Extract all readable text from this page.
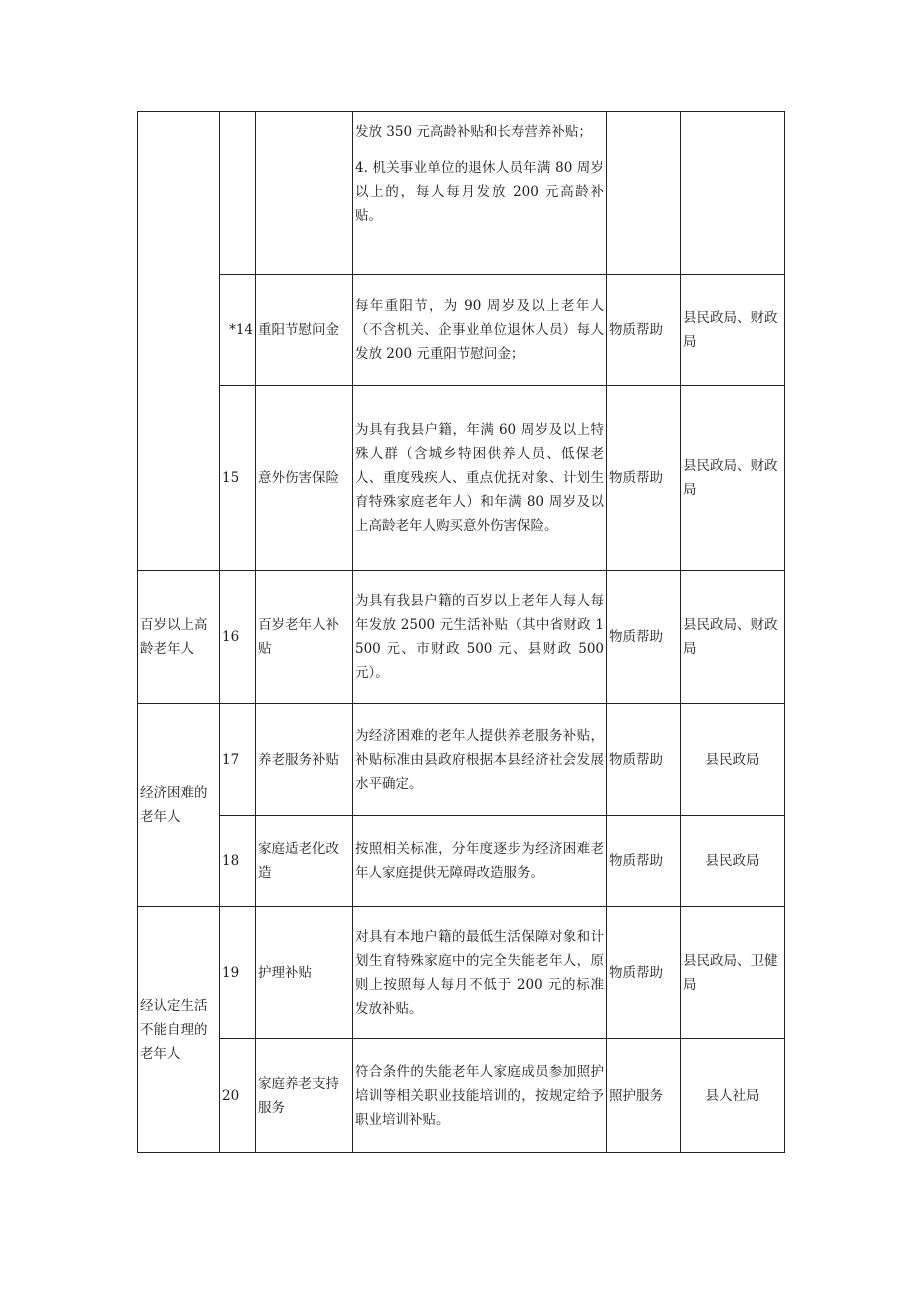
			发放 350 元高龄补贴和长寿营养补贴；

4. 机关事业单位的退休人员年满 80 周岁以上的，每人每月发放 200 元高龄补贴。		

	*14	重阳节慰问金	每年重阳节，为 90 周岁及以上老年人（不含机关、企事业单位退休人员）每人发放 200 元重阳节慰问金；	物质帮助	县民政局、财政局
	15	意外伤害保险	为具有我县户籍，年满 60 周岁及以上特殊人群（含城乡特困供养人员、低保老人、重度残疾人、重点优抚对象、计划生育特殊家庭老年人）和年满 80 周岁及以上高龄老年人购买意外伤害保险。	物质帮助	县民政局、财政局
百岁以上高龄老年人	16	百岁老年人补贴	为具有我县户籍的百岁以上老年人每人每年发放 2500 元生活补贴（其中省财政 1500 元、市财政 500 元、县财政 500 元）。	物质帮助	县民政局、财政局
经济困难的老年人	17	养老服务补贴	为经济困难的老年人提供养老服务补贴，补贴标准由县政府根据本县经济社会发展水平确定。	物质帮助	县民政局
	18	家庭适老化改造	按照相关标准，分年度逐步为经济困难老年人家庭提供无障碍改造服务。	物质帮助	县民政局
经认定生活不能自理的老年人	19	护理补贴	对具有本地户籍的最低生活保障对象和计划生育特殊家庭中的完全失能老年人，原则上按照每人每月不低于 200 元的标准发放补贴。	物质帮助	县民政局、卫健局
	20	家庭养老支持服务	符合条件的失能老年人家庭成员参加照护培训等相关职业技能培训的，按规定给予职业培训补贴。	照护服务	县人社局
